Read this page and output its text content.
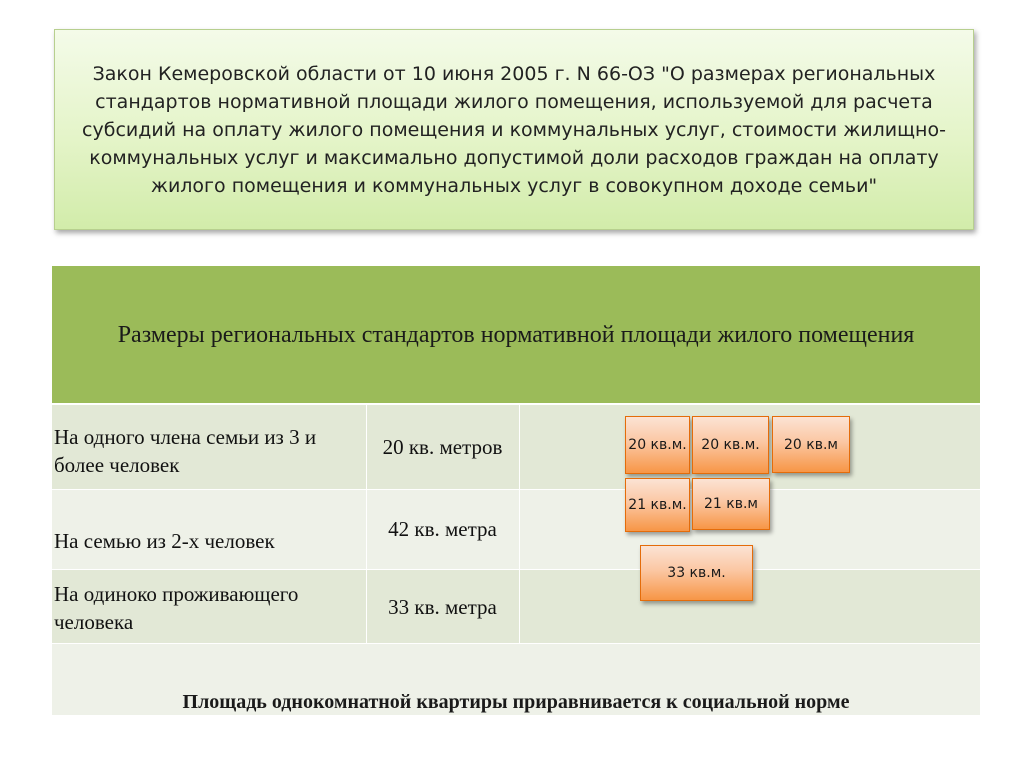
Закон Кемеровской области от 10 июня 2005 г. N 66-ОЗ "О размерах региональных стандартов нормативной площади жилого помещения, используемой для расчета субсидий на оплату жилого помещения и коммунальных услуг, стоимости жилищно-коммунальных услуг и максимально допустимой доли расходов граждан на оплату жилого помещения и коммунальных услуг в совокупном доходе семьи"

Размеры региональных стандартов нормативной площади жилого помещения		

На одного члена семьи из 3 и более человек	20 кв. метров	
На семью из 2-х человек	42 кв. метра	
На одиноко проживающего человека	33 кв. метра	
Площадь однокомнатной квартиры приравнивается к социальной норме		
20 кв.м. 20 кв.м. 20 кв.м
21 кв.м. 21 кв.м
33 кв.м.
